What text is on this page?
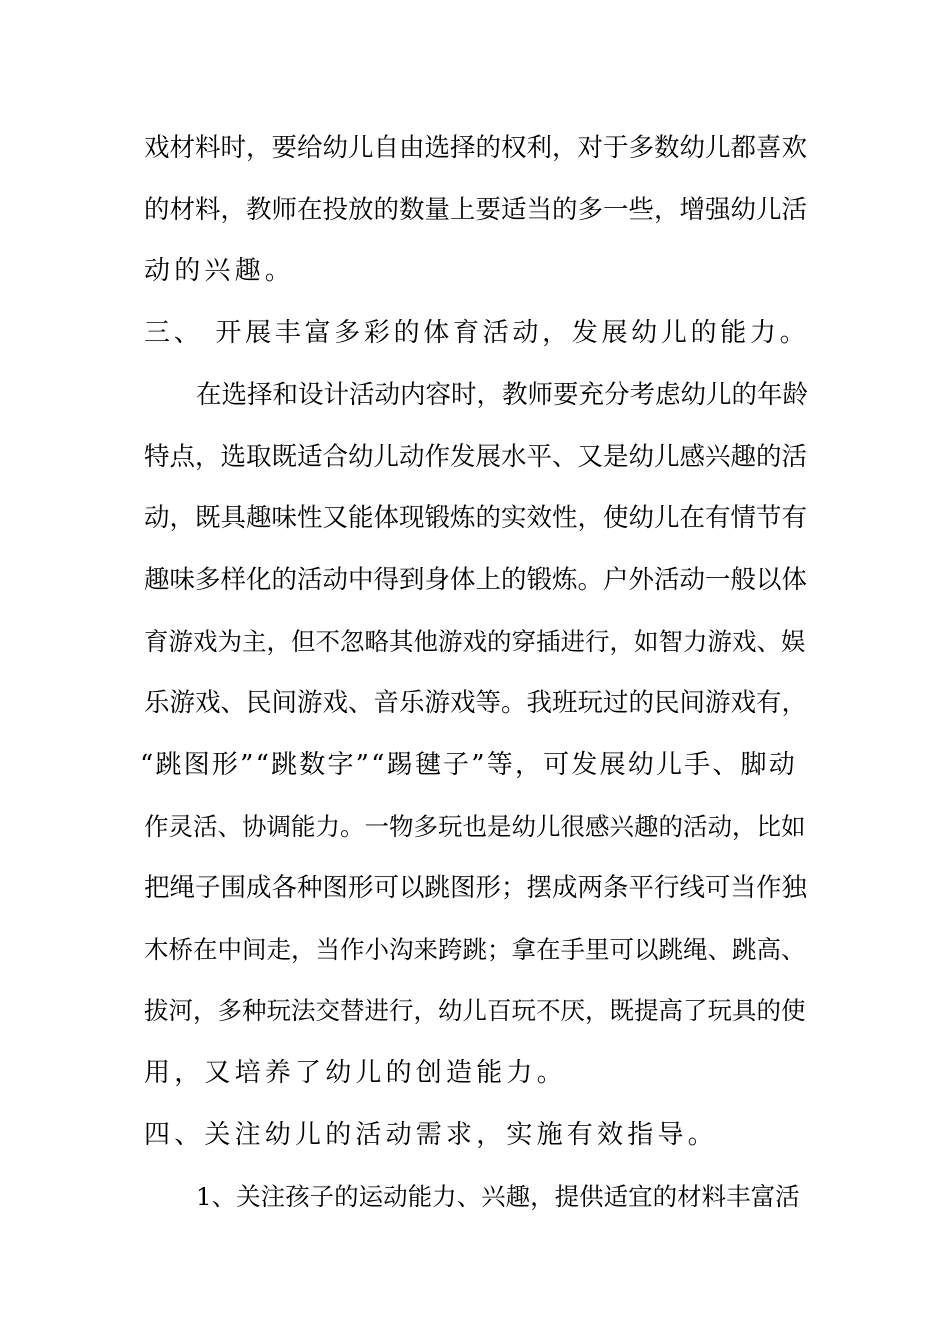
戏材料时，要给幼儿自由选择的权利，对于多数幼儿都喜欢
的材料，教师在投放的数量上要适当的多一些，增强幼儿活
动的兴趣。
三、 开展丰富多彩的体育活动，发展幼儿的能力。
在选择和设计活动内容时，教师要充分考虑幼儿的年龄
特点，选取既适合幼儿动作发展水平、又是幼儿感兴趣的活
动，既具趣味性又能体现锻炼的实效性，使幼儿在有情节有
趣味多样化的活动中得到身体上的锻炼。户外活动一般以体
育游戏为主，但不忽略其他游戏的穿插进行，如智力游戏、娱
乐游戏、民间游戏、音乐游戏等。我班玩过的民间游戏有，
“跳图形”“跳数字”“踢毽子”等，可发展幼儿手、脚动
作灵活、协调能力。一物多玩也是幼儿很感兴趣的活动，比如
把绳子围成各种图形可以跳图形；摆成两条平行线可当作独
木桥在中间走，当作小沟来跨跳；拿在手里可以跳绳、跳高、
拔河，多种玩法交替进行，幼儿百玩不厌，既提高了玩具的使
用，又培养了幼儿的创造能力。
四、关注幼儿的活动需求，实施有效指导。
1、关注孩子的运动能力、兴趣，提供适宜的材料丰富活
